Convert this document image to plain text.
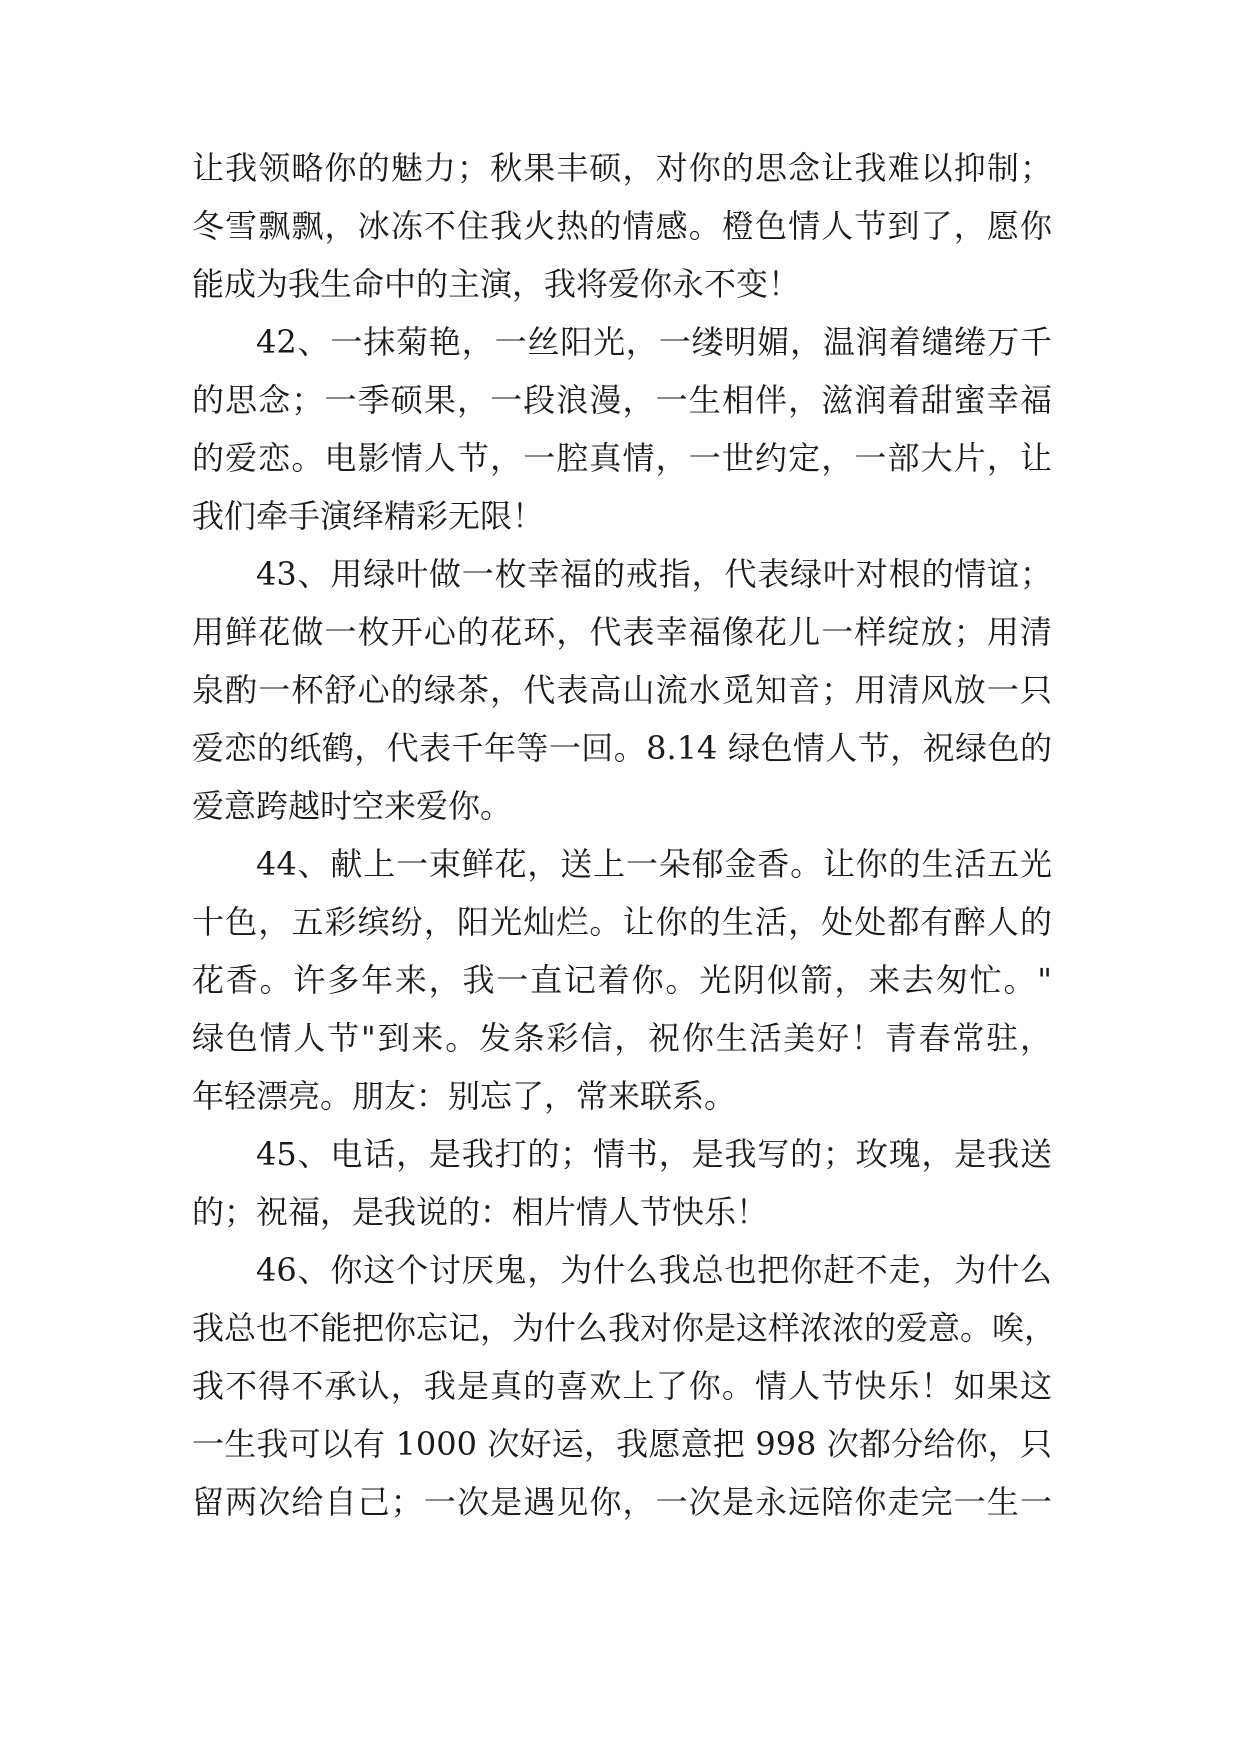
让我领略你的魅力；秋果丰硕，对你的思念让我难以抑制；
冬雪飘飘，冰冻不住我火热的情感。橙色情人节到了，愿你
能成为我生命中的主演，我将爱你永不变！
42、一抹菊艳，一丝阳光，一缕明媚，温润着缱绻万千
的思念；一季硕果，一段浪漫，一生相伴，滋润着甜蜜幸福
的爱恋。电影情人节，一腔真情，一世约定，一部大片，让
我们牵手演绎精彩无限！
43、用绿叶做一枚幸福的戒指，代表绿叶对根的情谊；
用鲜花做一枚开心的花环，代表幸福像花儿一样绽放；用清
泉酌一杯舒心的绿茶，代表高山流水觅知音；用清风放一只
爱恋的纸鹤，代表千年等一回。8.14 绿色情人节，祝绿色的
爱意跨越时空来爱你。
44、献上一束鲜花，送上一朵郁金香。让你的生活五光
十色，五彩缤纷，阳光灿烂。让你的生活，处处都有醉人的
花香。许多年来，我一直记着你。光阴似箭，来去匆忙。"
绿色情人节"到来。发条彩信，祝你生活美好！青春常驻，
年轻漂亮。朋友：别忘了，常来联系。
45、电话，是我打的；情书，是我写的；玫瑰，是我送
的；祝福，是我说的：相片情人节快乐！
46、你这个讨厌鬼，为什么我总也把你赶不走，为什么
我总也不能把你忘记，为什么我对你是这样浓浓的爱意。唉，
我不得不承认，我是真的喜欢上了你。情人节快乐！如果这
一生我可以有 1000 次好运，我愿意把 998 次都分给你，只
留两次给自己；一次是遇见你，一次是永远陪你走完一生一
